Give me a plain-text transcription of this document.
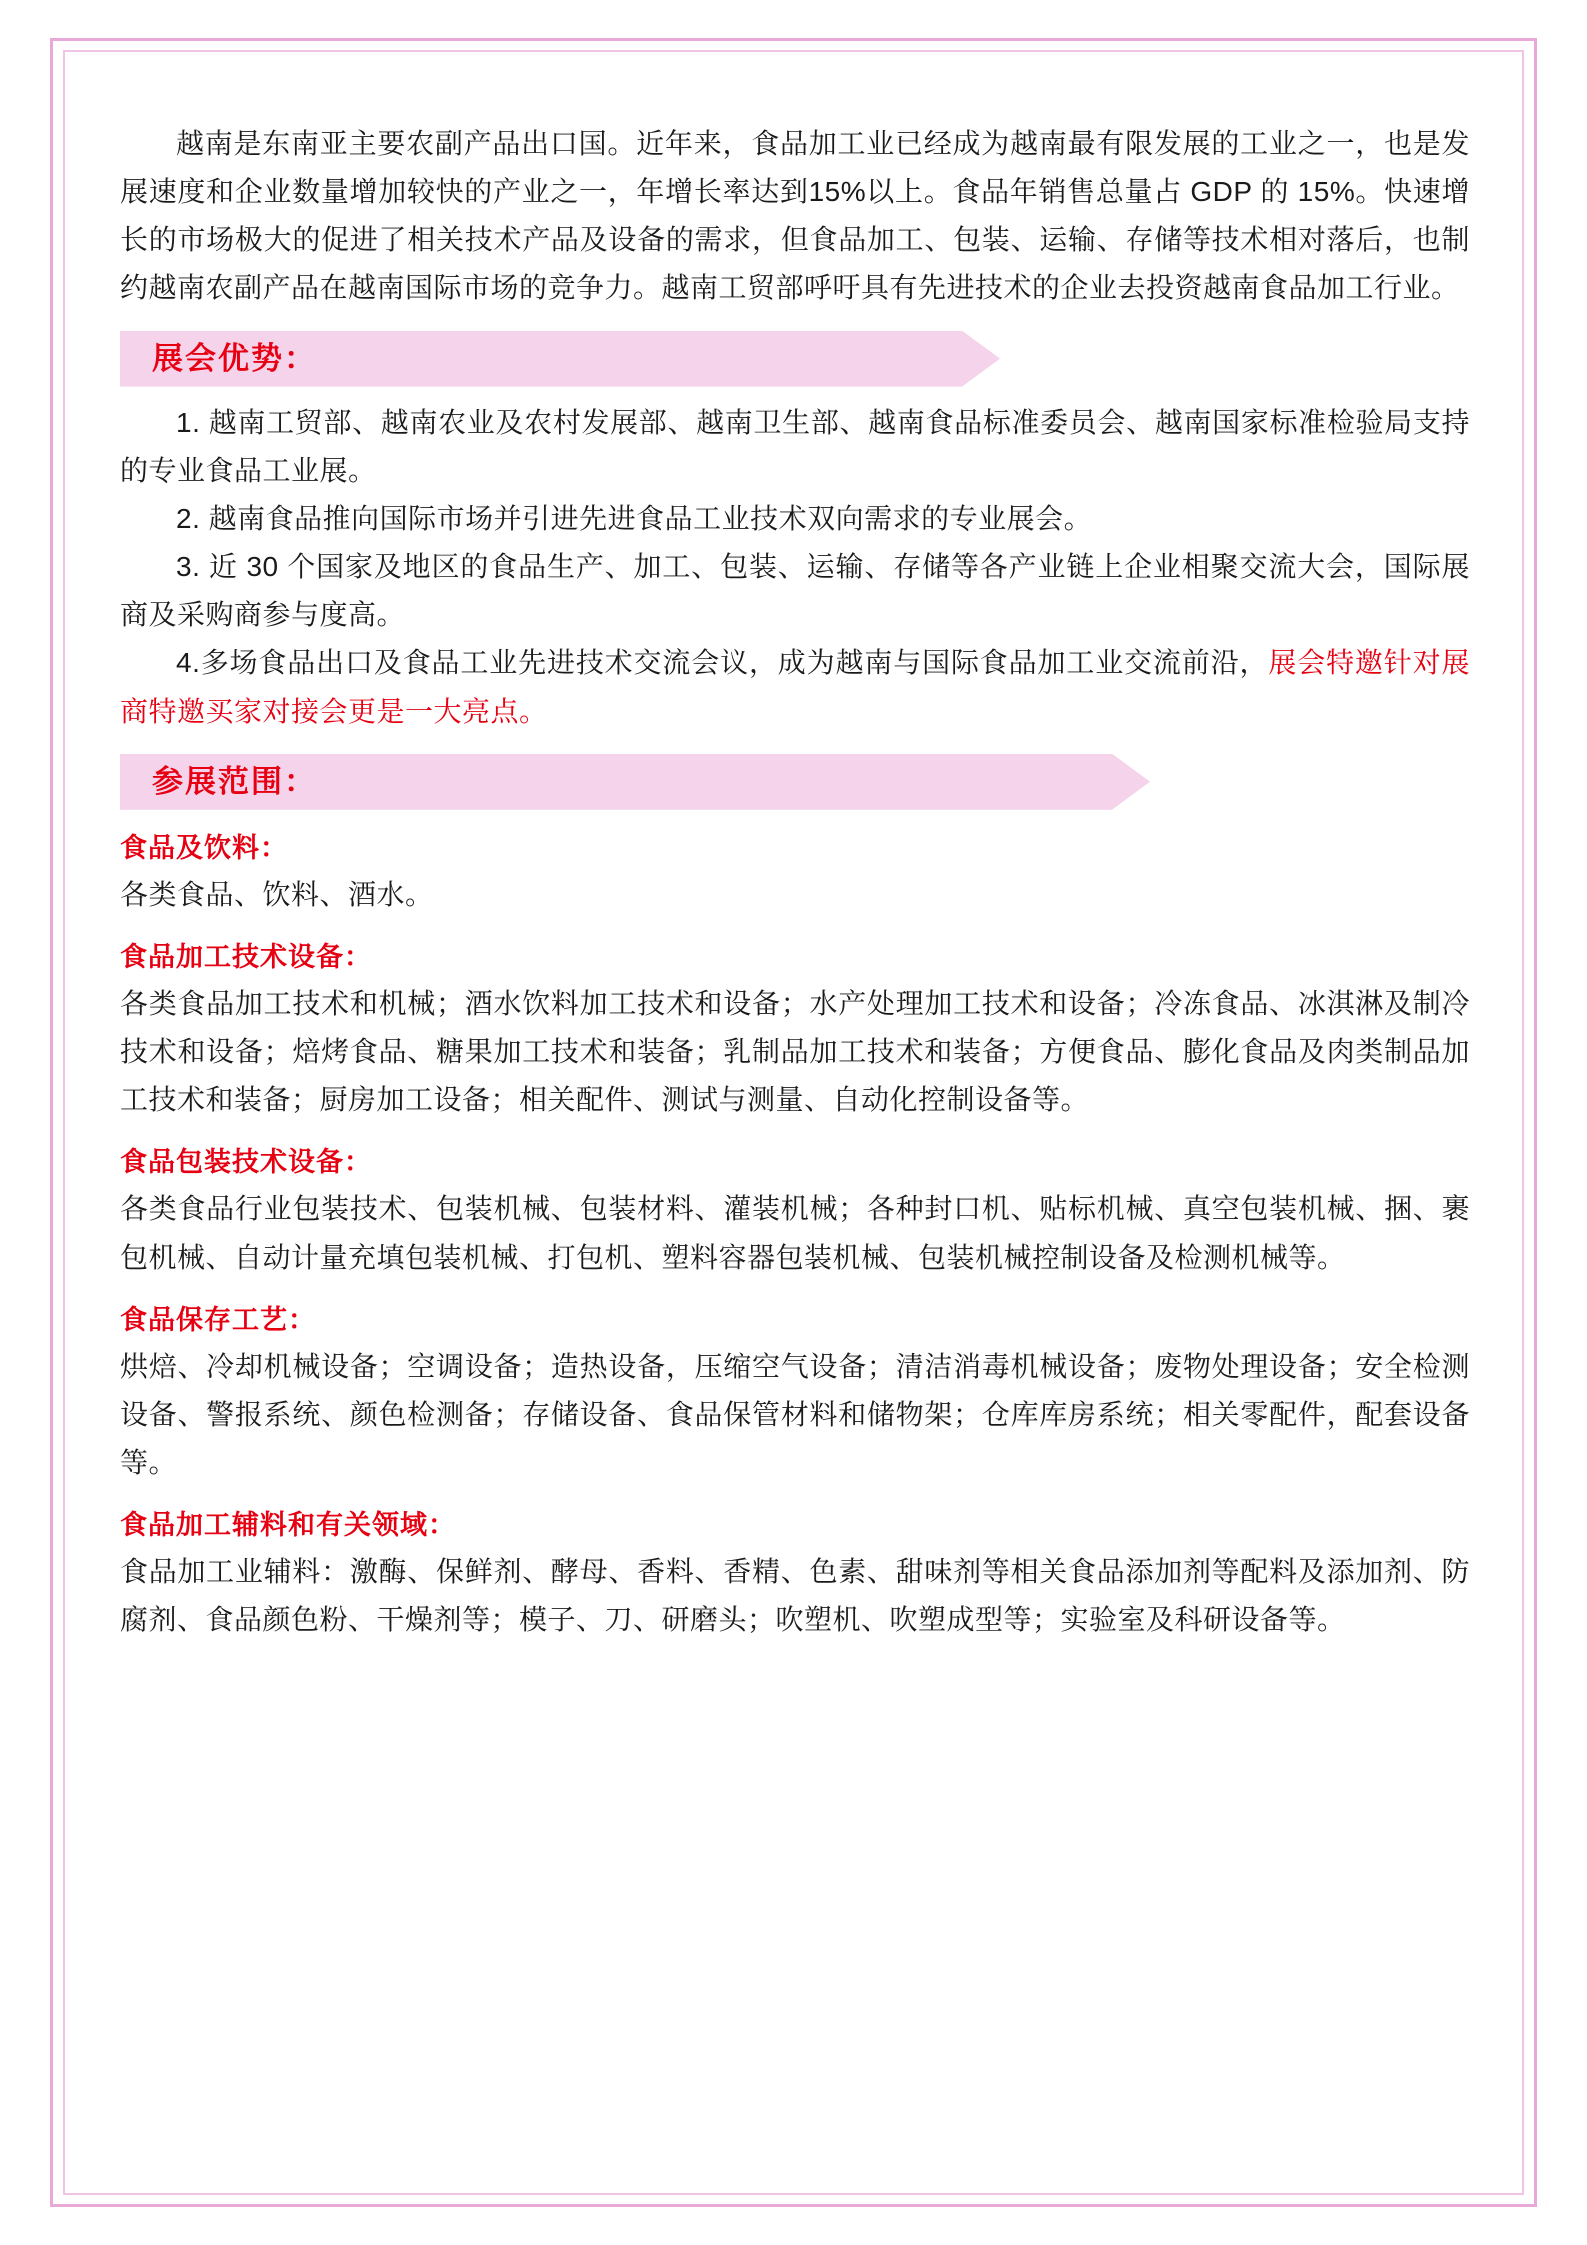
越南是东南亚主要农副产品出口国。近年来，食品加工业已经成为越南最有限发展的工业之一，也是发展速度和企业数量增加较快的产业之一，年增长率达到15%以上。食品年销售总量占 GDP 的 15%。快速增长的市场极大的促进了相关技术产品及设备的需求，但食品加工、包装、运输、存储等技术相对落后，也制约越南农副产品在越南国际市场的竞争力。越南工贸部呼吁具有先进技术的企业去投资越南食品加工行业。

展会优势：

1. 越南工贸部、越南农业及农村发展部、越南卫生部、越南食品标准委员会、越南国家标准检验局支持的专业食品工业展。

2. 越南食品推向国际市场并引进先进食品工业技术双向需求的专业展会。

3. 近 30 个国家及地区的食品生产、加工、包装、运输、存储等各产业链上企业相聚交流大会，国际展商及采购商参与度高。

4.多场食品出口及食品工业先进技术交流会议，成为越南与国际食品加工业交流前沿，展会特邀针对展商特邀买家对接会更是一大亮点。

参展范围：
食品及饮料：

各类食品、饮料、酒水。

食品加工技术设备：

各类食品加工技术和机械；酒水饮料加工技术和设备；水产处理加工技术和设备；冷冻食品、冰淇淋及制冷技术和设备；焙烤食品、糖果加工技术和装备；乳制品加工技术和装备；方便食品、膨化食品及肉类制品加工技术和装备；厨房加工设备；相关配件、测试与测量、自动化控制设备等。

食品包装技术设备：

各类食品行业包装技术、包装机械、包装材料、灌装机械；各种封口机、贴标机械、真空包装机械、捆、裹包机械、自动计量充填包装机械、打包机、塑料容器包装机械、包装机械控制设备及检测机械等。

食品保存工艺：

烘焙、冷却机械设备；空调设备；造热设备，压缩空气设备；清洁消毒机械设备；废物处理设备；安全检测设备、警报系统、颜色检测备；存储设备、食品保管材料和储物架；仓库库房系统；相关零配件，配套设备等。

食品加工辅料和有关领域：

食品加工业辅料：激酶、保鲜剂、酵母、香料、香精、色素、甜味剂等相关食品添加剂等配料及添加剂、防腐剂、食品颜色粉、干燥剂等；模子、刀、研磨头；吹塑机、吹塑成型等；实验室及科研设备等。
